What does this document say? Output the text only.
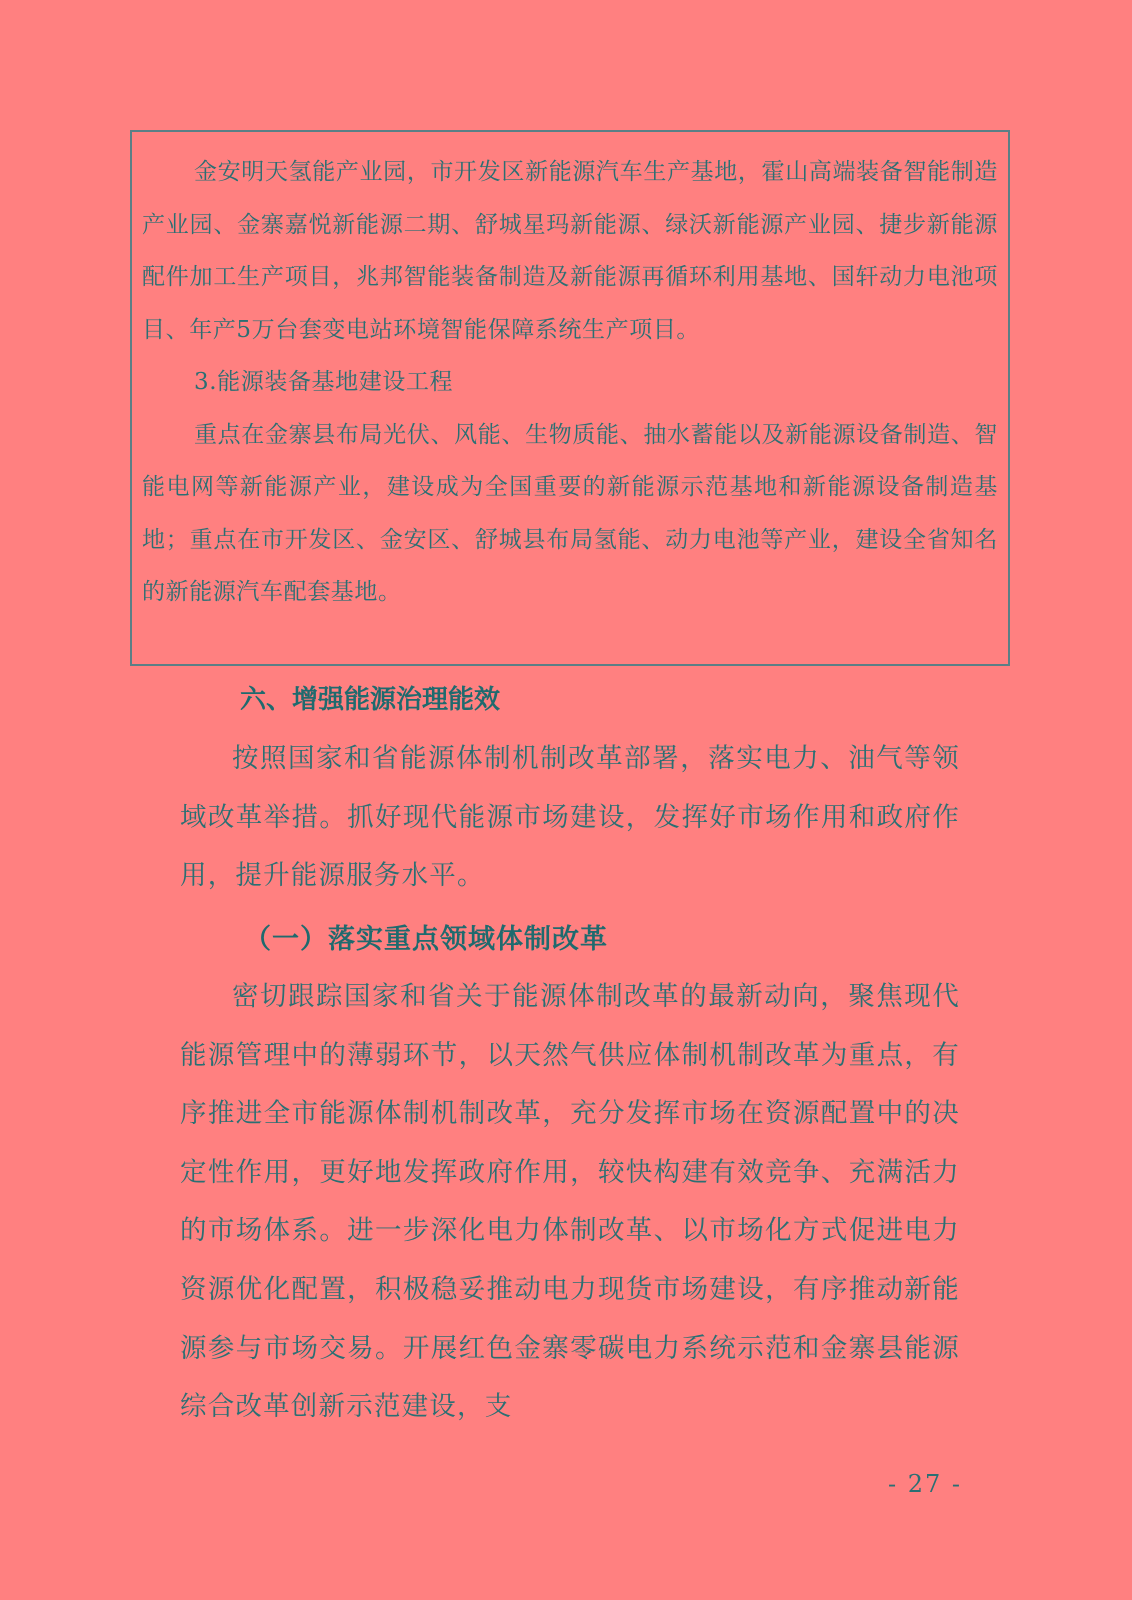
金安明天氢能产业园，市开发区新能源汽车生产基地，霍山高端装备智能制造产业园、金寨嘉悦新能源二期、舒城星玛新能源、绿沃新能源产业园、捷步新能源配件加工生产项目，兆邦智能装备制造及新能源再循环利用基地、国轩动力电池项目、年产5万台套变电站环境智能保障系统生产项目。

3.能源装备基地建设工程

重点在金寨县布局光伏、风能、生物质能、抽水蓄能以及新能源设备制造、智能电网等新能源产业，建设成为全国重要的新能源示范基地和新能源设备制造基地；重点在市开发区、金安区、舒城县布局氢能、动力电池等产业，建设全省知名的新能源汽车配套基地。

六、增强能源治理能效

按照国家和省能源体制机制改革部署，落实电力、油气等领域改革举措。抓好现代能源市场建设，发挥好市场作用和政府作用，提升能源服务水平。

（一）落实重点领域体制改革

密切跟踪国家和省关于能源体制改革的最新动向，聚焦现代能源管理中的薄弱环节，以天然气供应体制机制改革为重点，有序推进全市能源体制机制改革，充分发挥市场在资源配置中的决定性作用，更好地发挥政府作用，较快构建有效竞争、充满活力的市场体系。进一步深化电力体制改革、以市场化方式促进电力资源优化配置，积极稳妥推动电力现货市场建设，有序推动新能源参与市场交易。开展红色金寨零碳电力系统示范和金寨县能源综合改革创新示范建设，支

- 27 -
